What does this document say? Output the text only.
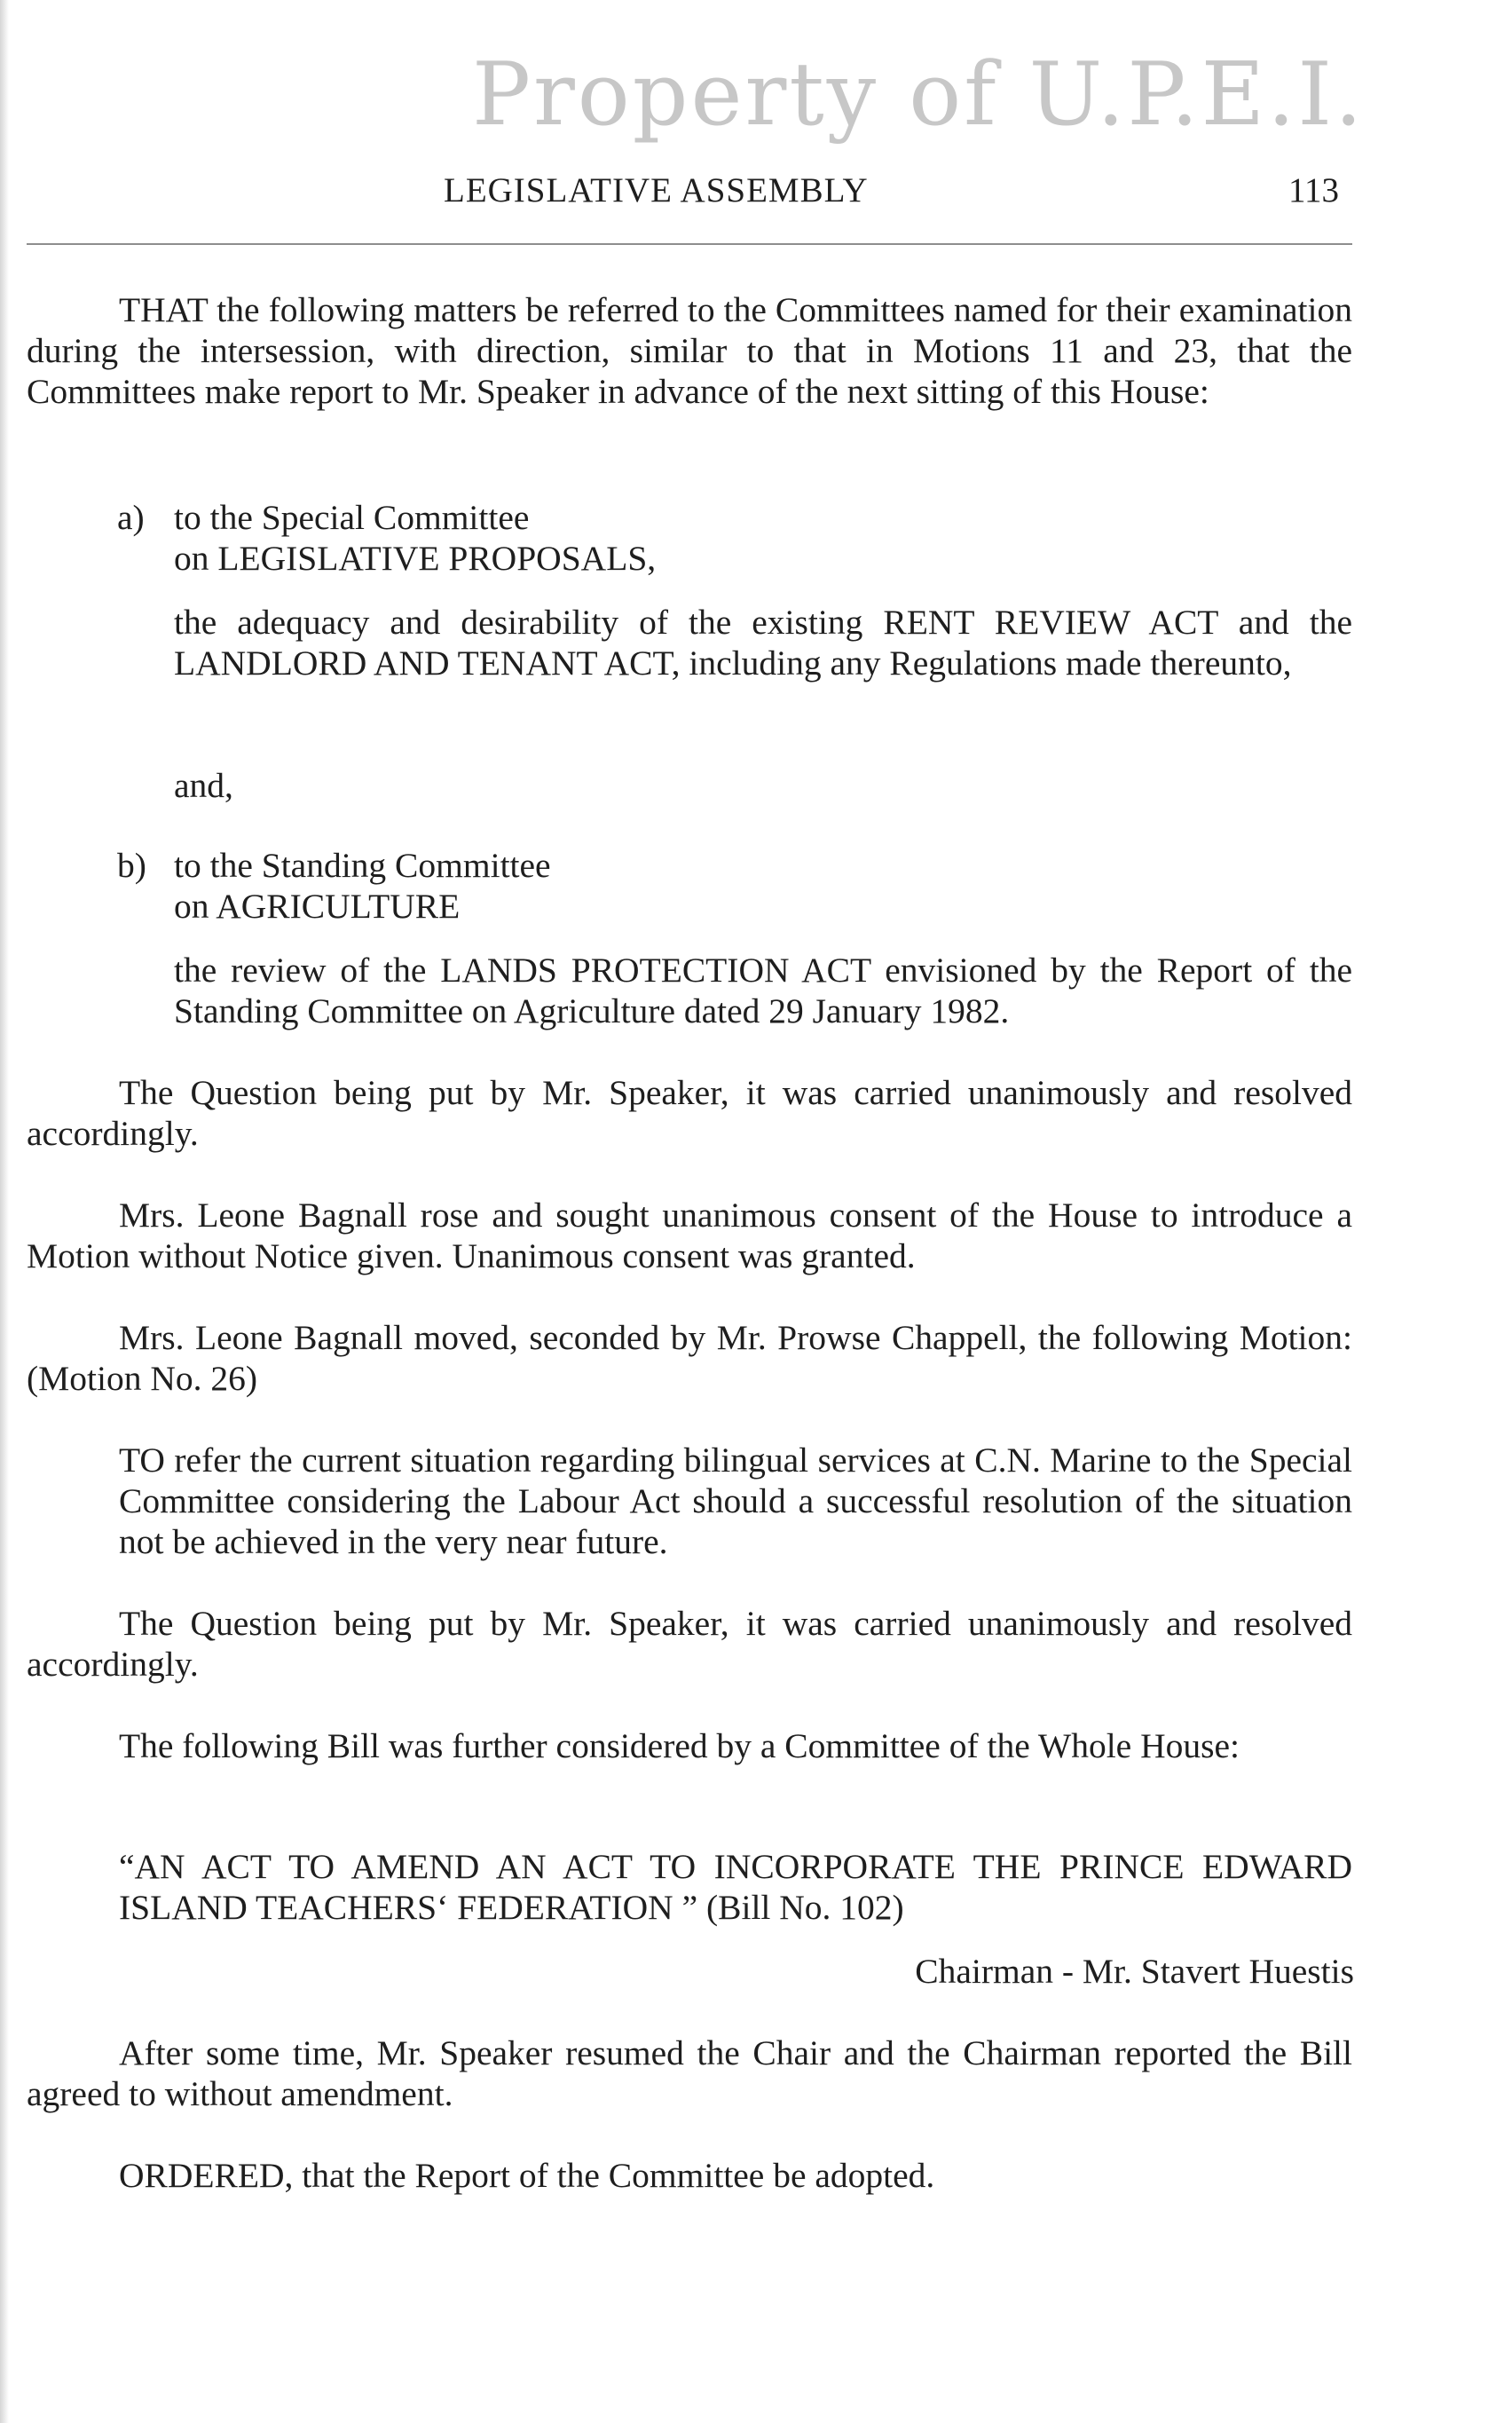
Property of U.P.E.I.
LEGISLATIVE ASSEMBLY	113

THAT the following matters be referred to the Committees named for their examination during the intersession, with direction, similar to that in Motions 11 and 23, that the Committees make report to Mr. Speaker in advance of the next sitting of this House:

a) to the Special Committee
on LEGISLATIVE PROPOSALS,

the adequacy and desirability of the existing RENT REVIEW ACT and the LANDLORD AND TENANT ACT, including any Regulations made thereunto,

and,
b) to the Standing Committee
on AGRICULTURE

the review of the LANDS PROTECTION ACT envisioned by the Report of the Standing Committee on Agriculture dated 29 January 1982.

The Question being put by Mr. Speaker, it was carried unanimously and resolved accordingly.

Mrs. Leone Bagnall rose and sought unanimous consent of the House to introduce a Motion without Notice given. Unanimous consent was granted.

Mrs. Leone Bagnall moved, seconded by Mr. Prowse Chappell, the following Motion: (Motion No. 26)

TO refer the current situation regarding bilingual services at C.N. Marine to the Special Committee considering the Labour Act should a successful resolution of the situation not be achieved in the very near future.

The Question being put by Mr. Speaker, it was carried unanimously and resolved accordingly.

The following Bill was further considered by a Committee of the Whole House:

“AN ACT TO AMEND AN ACT TO INCORPORATE THE PRINCE EDWARD ISLAND TEACHERS‘ FEDERATION ” (Bill No. 102)

Chairman - Mr. Stavert Huestis

After some time, Mr. Speaker resumed the Chair and the Chairman reported the Bill agreed to without amendment.

ORDERED, that the Report of the Committee be adopted.
